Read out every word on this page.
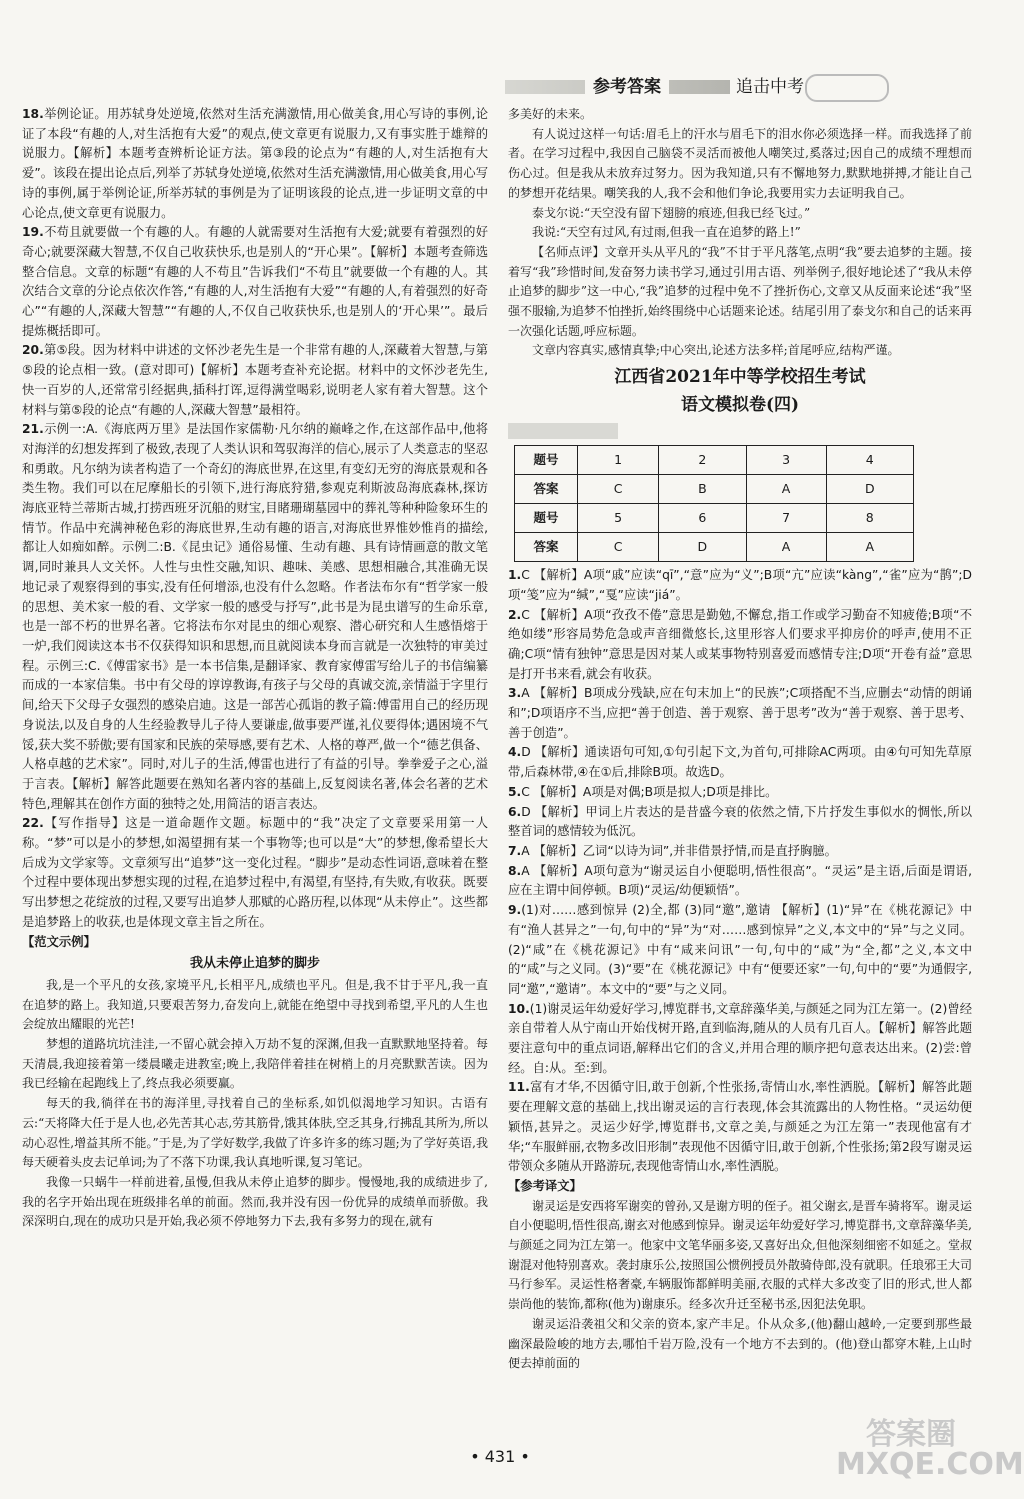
参考答案	追击中考

18.举例论证。用苏轼身处逆境,依然对生活充满激情,用心做美食,用心写诗的事例,论证了本段“有趣的人,对生活抱有大爱”的观点,使文章更有说服力,又有事实胜于雄辩的说服力。【解析】本题考查辨析论证方法。第③段的论点为“有趣的人,对生活抱有大爱”。该段在提出论点后,列举了苏轼身处逆境,依然对生活充满激情,用心做美食,用心写诗的事例,属于举例论证,所举苏轼的事例是为了证明该段的论点,进一步证明文章的中心论点,使文章更有说服力。

19.不苟且就要做一个有趣的人。有趣的人就需要对生活抱有大爱;就要有着强烈的好奇心;就要深藏大智慧,不仅自己收获快乐,也是别人的“开心果”。【解析】本题考查筛选整合信息。文章的标题“有趣的人不苟且”告诉我们“不苟且”就要做一个有趣的人。其次结合文章的分论点依次作答,“有趣的人,对生活抱有大爱”“有趣的人,有着强烈的好奇心”“有趣的人,深藏大智慧”“有趣的人,不仅自己收获快乐,也是别人的‘开心果’”。最后提炼概括即可。

20.第⑤段。因为材料中讲述的文怀沙老先生是一个非常有趣的人,深藏着大智慧,与第⑤段的论点相一致。(意对即可)【解析】本题考查补充论据。材料中的文怀沙老先生,快一百岁的人,还常常引经据典,插科打诨,逗得满堂喝彩,说明老人家有着大智慧。这个材料与第⑤段的论点“有趣的人,深藏大智慧”最相符。

21.示例一:A.《海底两万里》是法国作家儒勒·凡尔纳的巅峰之作,在这部作品中,他将对海洋的幻想发挥到了极致,表现了人类认识和驾驭海洋的信心,展示了人类意志的坚忍和勇敢。凡尔纳为读者构造了一个奇幻的海底世界,在这里,有变幻无穷的海底景观和各类生物。我们可以在尼摩船长的引领下,进行海底狩猎,参观克利斯波岛海底森林,探访海底亚特兰蒂斯古城,打捞西班牙沉船的财宝,目睹珊瑚墓园中的葬礼等种种险象环生的情节。作品中充满神秘色彩的海底世界,生动有趣的语言,对海底世界惟妙惟肖的描绘,都让人如痴如醉。示例二:B.《昆虫记》通俗易懂、生动有趣、具有诗情画意的散文笔调,同时兼具人文关怀。人性与虫性交融,知识、趣味、美感、思想相融合,其准确无误地记录了观察得到的事实,没有任何增添,也没有什么忽略。作者法布尔有“哲学家一般的思想、美术家一般的看、文学家一般的感受与抒写”,此书是为昆虫谱写的生命乐章,也是一部不朽的世界名著。它将法布尔对昆虫的细心观察、潜心研究和人生感悟熔于一炉,我们阅读这本书不仅获得知识和思想,而且就阅读本身而言就是一次独特的审美过程。示例三:C.《傅雷家书》是一本书信集,是翻译家、教育家傅雷写给儿子的书信编纂而成的一本家信集。书中有父母的谆谆教诲,有孩子与父母的真诚交流,亲情溢于字里行间,给天下父母子女强烈的感染启迪。这是一部苦心孤诣的教子篇:傅雷用自己的经历现身说法,以及自身的人生经验教导儿子待人要谦虚,做事要严谨,礼仪要得体;遇困境不气馁,获大奖不骄傲;要有国家和民族的荣辱感,要有艺术、人格的尊严,做一个“德艺俱备、人格卓越的艺术家”。同时,对儿子的生活,傅雷也进行了有益的引导。拳拳爱子之心,溢于言表。【解析】解答此题要在熟知名著内容的基础上,反复阅读名著,体会名著的艺术特色,理解其在创作方面的独特之处,用简洁的语言表达。

22.【写作指导】这是一道命题作文题。标题中的“我”决定了文章要采用第一人称。“梦”可以是小的梦想,如渴望拥有某一个事物等;也可以是“大”的梦想,像希望长大后成为文学家等。文章须写出“追梦”这一变化过程。“脚步”是动态性词语,意味着在整个过程中要体现出梦想实现的过程,在追梦过程中,有渴望,有坚持,有失败,有收获。既要写出梦想之花绽放的过程,又要写出追梦人那赋的心路历程,以体现“从未停止”。这些都是追梦路上的收获,也是体现文章主旨之所在。

【范文示例】
我从未停止追梦的脚步

我,是一个平凡的女孩,家境平凡,长相平凡,成绩也平凡。但是,我不甘于平凡,我一直在追梦的路上。我知道,只要艰苦努力,奋发向上,就能在绝望中寻找到希望,平凡的人生也会绽放出耀眼的光芒!

梦想的道路坑坑洼洼,一不留心就会掉入万劫不复的深渊,但我一直默默地坚持着。每天清晨,我迎接着第一缕晨曦走进教室;晚上,我陪伴着挂在树梢上的月亮默默苦读。因为我已经输在起跑线上了,终点我必须要赢。

每天的我,徜徉在书的海洋里,寻找着自己的坐标系,如饥似渴地学习知识。古语有云:“天将降大任于是人也,必先苦其心志,劳其筋骨,饿其体肤,空乏其身,行拂乱其所为,所以动心忍性,增益其所不能。”于是,为了学好数学,我做了许多许多的练习题;为了学好英语,我每天硬着头皮去记单词;为了不落下功课,我认真地听课,复习笔记。

我像一只蜗牛一样前进着,虽慢,但我从未停止追梦的脚步。慢慢地,我的成绩进步了,我的名字开始出现在班级排名单的前面。然而,我并没有因一份优异的成绩单而骄傲。我深深明白,现在的成功只是开始,我必须不停地努力下去,我有多努力的现在,就有

多美好的未来。

有人说过这样一句话:眉毛上的汗水与眉毛下的泪水你必须选择一样。而我选择了前者。在学习过程中,我因自己脑袋不灵活而被他人嘲笑过,奚落过;因自己的成绩不理想而伤心过。但是我从未放弃过努力。因为我知道,只有不懈地努力,默默地拼搏,才能让自己的梦想开花结果。嘲笑我的人,我不会和他们争论,我要用实力去证明我自己。

泰戈尔说:“天空没有留下翅膀的痕迹,但我已经飞过。”

我说:“天空有过风,有过雨,但我一直在追梦的路上!”

【名师点评】文章开头从平凡的“我”不甘于平凡落笔,点明“我”要去追梦的主题。接着写“我”珍惜时间,发奋努力读书学习,通过引用古语、列举例子,很好地论述了“我从未停止追梦的脚步”这一中心,“我”追梦的过程中免不了挫折伤心,文章又从反面来论述“我”坚强不服输,为追梦不怕挫折,始终围绕中心话题来论述。结尾引用了泰戈尔和自己的话来再一次强化话题,呼应标题。

文章内容真实,感情真挚;中心突出,论述方法多样;首尾呼应,结构严谨。

江西省2021年中等学校招生考试
语文模拟卷(四)
题号	1	2	3	4
答案	C	B	A	D
题号	5	6	7	8
答案	C	D	A	A

1.C 【解析】A项“戚”应读“qī”,“意”应为“义”;B项“亢”应读“kàng”,“雀”应为“鹊”;D项“笺”应为“缄”,“戛”应读“jiá”。

2.C 【解析】A项“孜孜不倦”意思是勤勉,不懈怠,指工作或学习勤奋不知疲倦;B项“不绝如缕”形容局势危急或声音细微悠长,这里形容人们要求平抑房价的呼声,使用不正确;C项“情有独钟”意思是因对某人或某事物特别喜爱而感情专注;D项“开卷有益”意思是打开书来看,就会有收获。

3.A 【解析】B项成分残缺,应在句末加上“的民族”;C项搭配不当,应删去“动情的朗诵和”;D项语序不当,应把“善于创造、善于观察、善于思考”改为“善于观察、善于思考、善于创造”。

4.D 【解析】通读语句可知,①句引起下文,为首句,可排除AC两项。由④句可知先草原带,后森林带,④在①后,排除B项。故选D。

5.C 【解析】A项是对偶;B项是拟人;D项是排比。

6.D 【解析】甲词上片表达的是昔盛今衰的依然之情,下片抒发生事似水的惆怅,所以整首词的感情较为低沉。

7.A 【解析】乙词“以诗为词”,并非借景抒情,而是直抒胸臆。

8.A 【解析】A项句意为“谢灵运自小便聪明,悟性很高”。“灵运”是主语,后面是谓语,应在主谓中间停顿。B项)“灵运/幼便颖悟”。

9.(1)对……感到惊异 (2)全,都 (3)同“邀”,邀请 【解析】(1)“异”在《桃花源记》中有“渔人甚异之”一句,句中的“异”为“对……感到惊异”之义,本文中的“异”与之义同。(2)“咸”在《桃花源记》中有“咸来问讯”一句,句中的“咸”为“全,都”之义,本文中的“咸”与之义同。(3)“要”在《桃花源记》中有“便要还家”一句,句中的“要”为通假字,同“邀”,“邀请”。本文中的“要”与之义同。

10.(1)谢灵运年幼爱好学习,博览群书,文章辞藻华美,与颜延之同为江左第一。(2)曾经亲自带着人从宁南山开始伐树开路,直到临海,随从的人员有几百人。【解析】解答此题要注意句中的重点词语,解释出它们的含义,并用合理的顺序把句意表达出来。(2)尝:曾经。自:从。至:到。

11.富有才华,不因循守旧,敢于创新,个性张扬,寄情山水,率性洒脱。【解析】解答此题要在理解文意的基础上,找出谢灵运的言行表现,体会其流露出的人物性格。“灵运幼便颖悟,甚异之。灵运少好学,博览群书,文章之美,与颜延之为江左第一”表现他富有才华;“车服鲜丽,衣物多改旧形制”表现他不因循守旧,敢于创新,个性张扬;第2段写谢灵运带领众多随从开路游玩,表现他寄情山水,率性洒脱。

【参考译文】

谢灵运是安西将军谢奕的曾孙,又是谢方明的侄子。祖父谢玄,是晋车骑将军。谢灵运自小便聪明,悟性很高,谢玄对他感到惊异。谢灵运年幼爱好学习,博览群书,文章辞藻华美,与颜延之同为江左第一。他家中文笔华丽多姿,又喜好出众,但他深刻细密不如延之。堂叔谢混对他特别喜欢。袭封康乐公,按照国公惯例授员外散骑侍郎,没有就职。任琅邪王大司马行参军。灵运性格奢豪,车辆服饰都鲜明美丽,衣服的式样大多改变了旧的形式,世人都崇尚他的装饰,都称(他为)谢康乐。经多次升迁至秘书丞,因犯法免职。

谢灵运沿袭祖父和父亲的资本,家产丰足。仆从众多,(他)翻山越岭,一定要到那些最幽深最险峻的地方去,哪怕千岩万险,没有一个地方不去到的。(他)登山都穿木鞋,上山时便去掉前面的

• 431 •
答案圈 MXQE.COM
